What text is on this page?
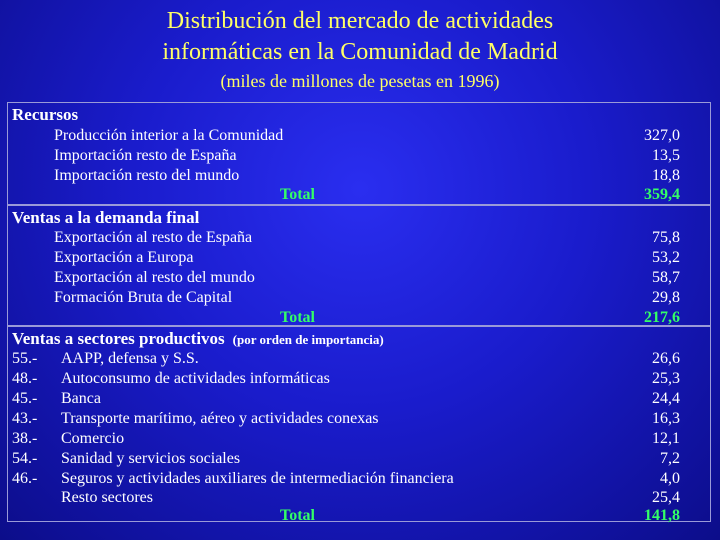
Distribución del mercado de actividades
informáticas en la Comunidad de Madrid
(miles de millones de pesetas en 1996)
Recursos
Producción interior a la Comunidad	327,0
Importación resto de España	13,5
Importación resto del mundo	18,8
Total	359,4
Ventas a la demanda final
Exportación al resto de España	75,8
Exportación a Europa	53,2
Exportación al resto del mundo	58,7
Formación Bruta de Capital	29,8
Total	217,6
Ventas a sectores productivos (por orden de importancia)
55.- AAPP, defensa y S.S.	26,6
48.- Autoconsumo de actividades informáticas	25,3
45.- Banca	24,4
43.- Transporte marítimo, aéreo y actividades conexas	16,3
38.- Comercio	12,1
54.- Sanidad y servicios sociales	7,2
46.- Seguros y actividades auxiliares de intermediación financiera	4,0
Resto sectores	25,4
Total	141,8
